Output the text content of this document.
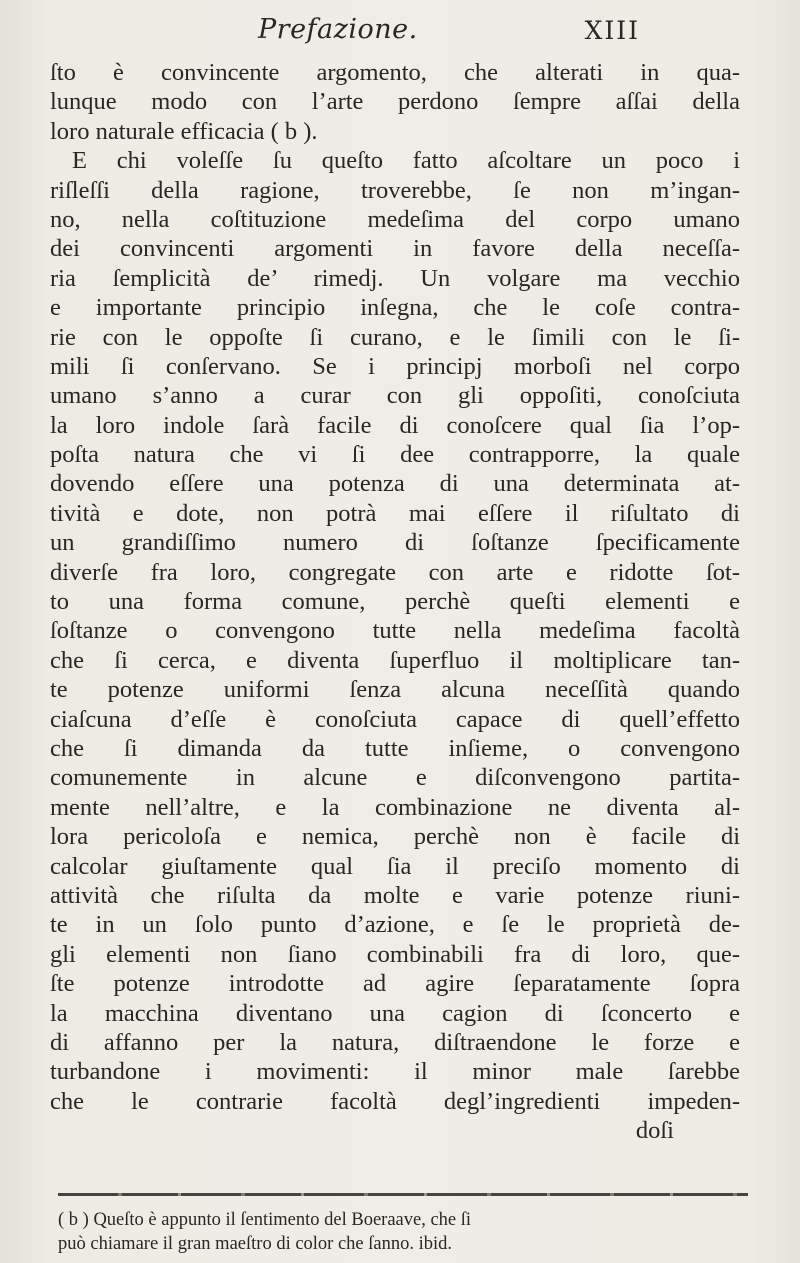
Prefazione.	XIII
ſto è convincente argomento, che alterati in qua-
lunque modo con l’arte perdono ſempre aſſai della
loro naturale efficacia ( b ).
E chi voleſſe ſu queſto fatto aſcoltare un poco i
riſleſſi della ragione, troverebbe, ſe non m’ingan-
no, nella coſtituzione medeſima del corpo umano
dei convincenti argomenti in favore della neceſſa-
ria ſemplicità de’ rimedj. Un volgare ma vecchio
e importante principio inſegna, che le coſe contra-
rie con le oppoſte ſi curano, e le ſimili con le ſi-
mili ſi conſervano. Se i principj morboſi nel corpo
umano s’anno a curar con gli oppoſiti, conoſciuta
la loro indole ſarà facile di conoſcere qual ſia l’op-
poſta natura che vi ſi dee contrapporre, la quale
dovendo eſſere una potenza di una determinata at-
tività e dote, non potrà mai eſſere il riſultato di
un grandiſſimo numero di ſoſtanze ſpecificamente
diverſe fra loro, congregate con arte e ridotte ſot-
to una forma comune, perchè queſti elementi e
ſoſtanze o convengono tutte nella medeſima facoltà
che ſi cerca, e diventa ſuperfluo il moltiplicare tan-
te potenze uniformi ſenza alcuna neceſſità quando
ciaſcuna d’eſſe è conoſciuta capace di quell’effetto
che ſi dimanda da tutte inſieme, o convengono
comunemente in alcune e diſconvengono partita-
mente nell’altre, e la combinazione ne diventa al-
lora pericoloſa e nemica, perchè non è facile di
calcolar giuſtamente qual ſia il preciſo momento di
attività che riſulta da molte e varie potenze riuni-
te in un ſolo punto d’azione, e ſe le proprietà de-
gli elementi non ſiano combinabili fra di loro, que-
ſte potenze introdotte ad agire ſeparatamente ſopra
la macchina diventano una cagion di ſconcerto e
di affanno per la natura, diſtraendone le forze e
turbandone i movimenti: il minor male ſarebbe
che le contrarie facoltà degl’ingredienti impeden-
doſi
( b ) Queſto è appunto il ſentimento del Boeraave, che ſi
può chiamare il gran maeſtro di color che ſanno. ibid.
